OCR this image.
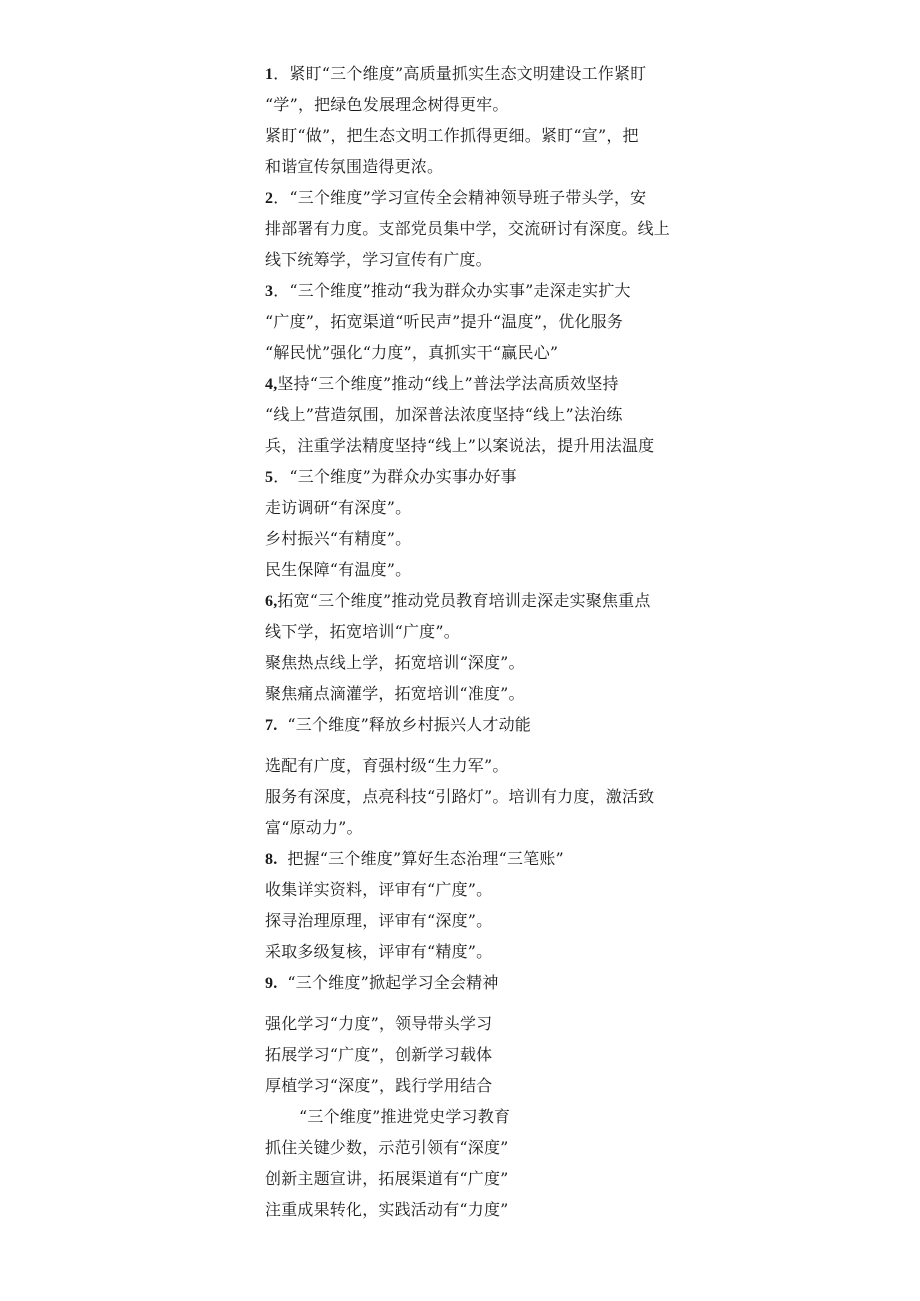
1．紧盯“三个维度”高质量抓实生态文明建设工作紧盯
“学”，把绿色发展理念树得更牢。
紧盯“做”，把生态文明工作抓得更细。紧盯“宣”，把
和谐宣传氛围造得更浓。
2．“三个维度”学习宣传全会精神领导班子带头学，安
排部署有力度。支部党员集中学，交流研讨有深度。线上
线下统筹学，学习宣传有广度。
3．“三个维度”推动“我为群众办实事”走深走实扩大
“广度”，拓宽渠道“听民声”提升“温度”，优化服务
“解民忧”强化“力度”，真抓实干“赢民心”
4,坚持“三个维度”推动“线上”普法学法高质效坚持
“线上”营造氛围，加深普法浓度坚持“线上”法治练
兵，注重学法精度坚持“线上”以案说法，提升用法温度
5．“三个维度”为群众办实事办好事
走访调研“有深度”。
乡村振兴“有精度”。
民生保障“有温度”。
6,拓宽“三个维度”推动党员教育培训走深走实聚焦重点
线下学，拓宽培训“广度”。
聚焦热点线上学，拓宽培训“深度”。
聚焦痛点滴灌学，拓宽培训“准度”。
7. “三个维度”释放乡村振兴人才动能
选配有广度，育强村级“生力军”。
服务有深度，点亮科技“引路灯”。培训有力度，激活致
富“原动力”。
8. 把握“三个维度”算好生态治理“三笔账”
收集详实资料，评审有“广度”。
探寻治理原理，评审有“深度”。
采取多级复核，评审有“精度”。
9. “三个维度”掀起学习全会精神
强化学习“力度”，领导带头学习
拓展学习“广度”，创新学习载体
厚植学习“深度”，践行学用结合
“三个维度”推进党史学习教育
抓住关键少数，示范引领有“深度”
创新主题宣讲，拓展渠道有“广度”
注重成果转化，实践活动有“力度”
